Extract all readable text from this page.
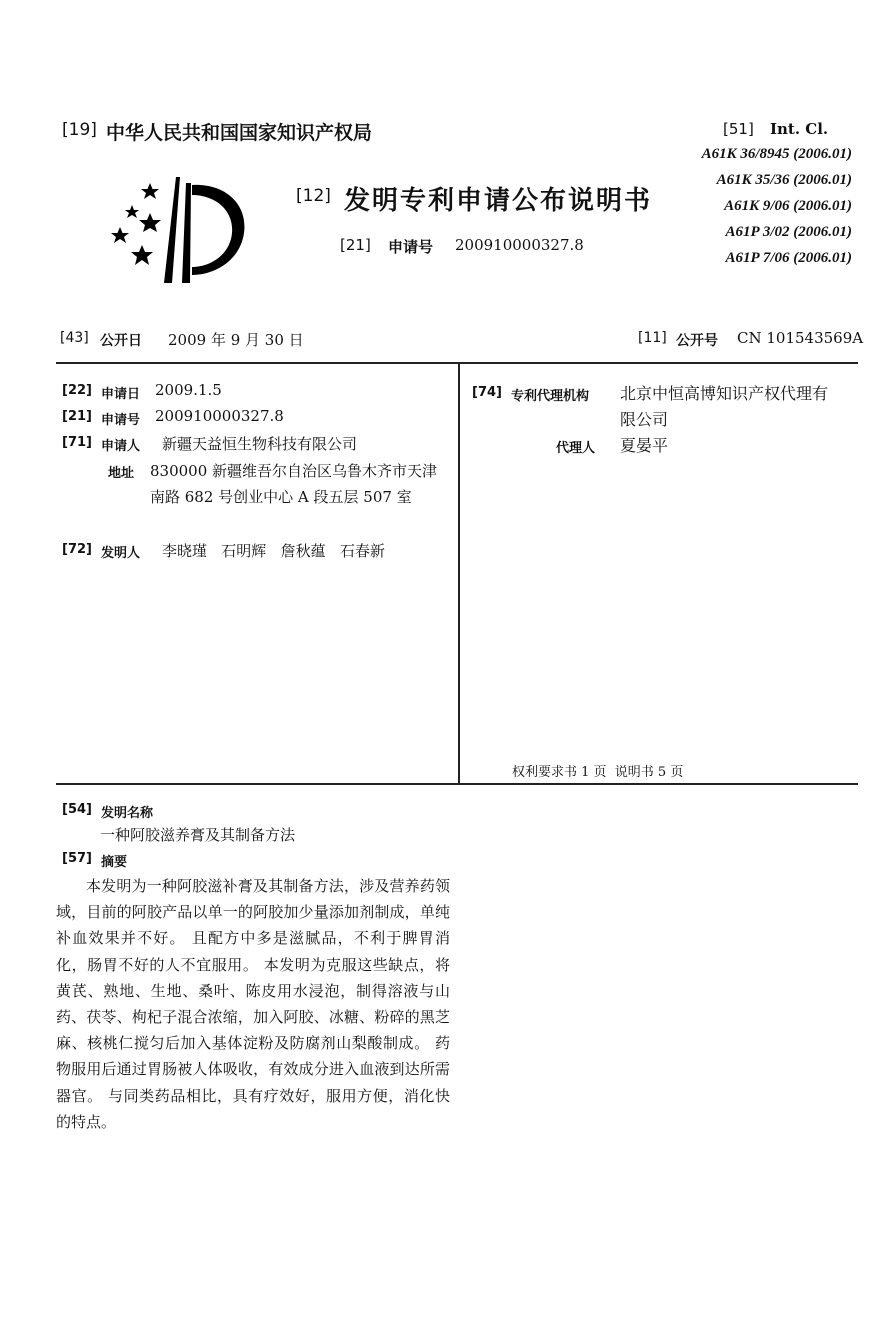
[19] 中华人民共和国国家知识产权局
[12] 发明专利申请公布说明书
[21] 申请号 200910000327.8
[51] Int. Cl.
A61K 36/8945 (2006.01)
A61K 35/36 (2006.01)
A61K 9/06 (2006.01)
A61P 3/02 (2006.01)
A61P 7/06 (2006.01)
[43] 公开日 2009 年 9 月 30 日	[11] 公开号 CN 101543569A
[22] 申请日 2009.1.5
[21] 申请号 200910000327.8
[71] 申请人 新疆天益恒生物科技有限公司
地址 830000 新疆维吾尔自治区乌鲁木齐市天津南路 682 号创业中心 A 段五层 507 室
[72] 发明人 李晓瑾   石明辉   詹秋蕴   石春新
[74] 专利代理机构 北京中恒高博知识产权代理有
限公司
代理人 夏晏平
权利要求书 1 页  说明书 5 页
[54] 发明名称
一种阿胶滋养膏及其制备方法
[57] 摘要
本发明为一种阿胶滋补膏及其制备方法，涉及营养药领域，目前的阿胶产品以单一的阿胶加少量添加剂制成，单纯补血效果并不好。 且配方中多是滋腻品，不利于脾胃消化，肠胃不好的人不宜服用。 本发明为克服这些缺点，将黄芪、熟地、生地、桑叶、陈皮用水浸泡，制得溶液与山药、茯苓、枸杞子混合浓缩，加入阿胶、冰糖、粉碎的黑芝麻、核桃仁搅匀后加入基体淀粉及防腐剂山梨酸制成。 药物服用后通过胃肠被人体吸收，有效成分进入血液到达所需器官。 与同类药品相比，具有疗效好，服用方便，消化快的特点。
